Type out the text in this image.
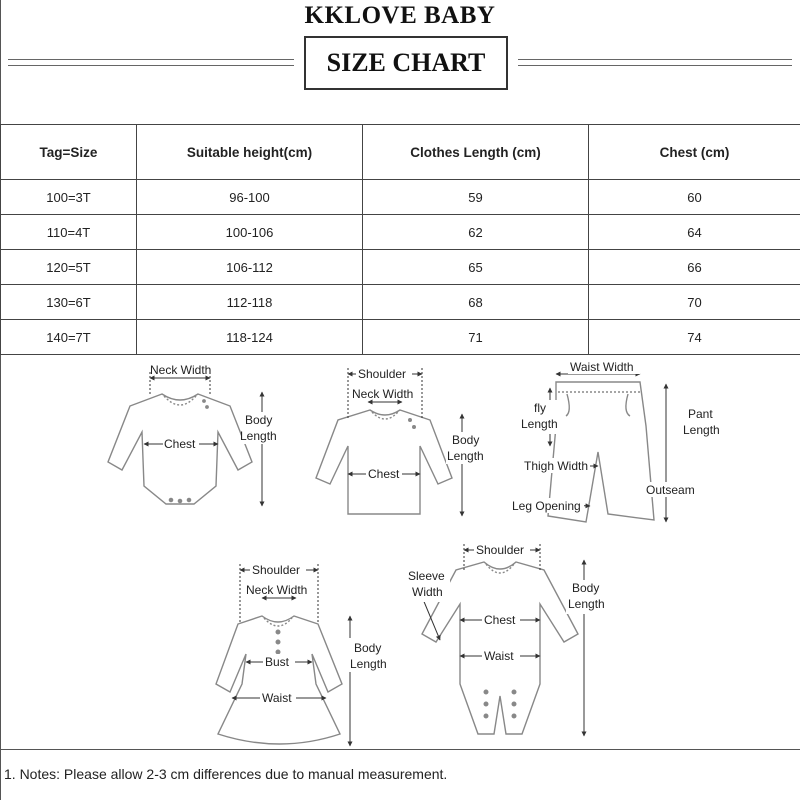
KKLOVE BABY
SIZE CHART
Tag=Size	Suitable height(cm)	Clothes Length (cm)	Chest (cm)
100=3T	96-100	59	60
110=4T	100-106	62	64
120=5T	106-112	65	66
130=6T	112-118	68	70
140=7T	118-124	71	74
Neck Width
Chest
Body
Length
Shoulder
Neck Width
Chest
Body
Length
Waist Width
fly
Length
Pant
Length
Thigh Width
Outseam
Leg Opening
Shoulder
Neck Width
Bust
Waist
Body
Length
Shoulder
Sleeve
Width
Chest
Waist
Body
Length
1. Notes: Please allow 2-3 cm differences due to manual measurement.
